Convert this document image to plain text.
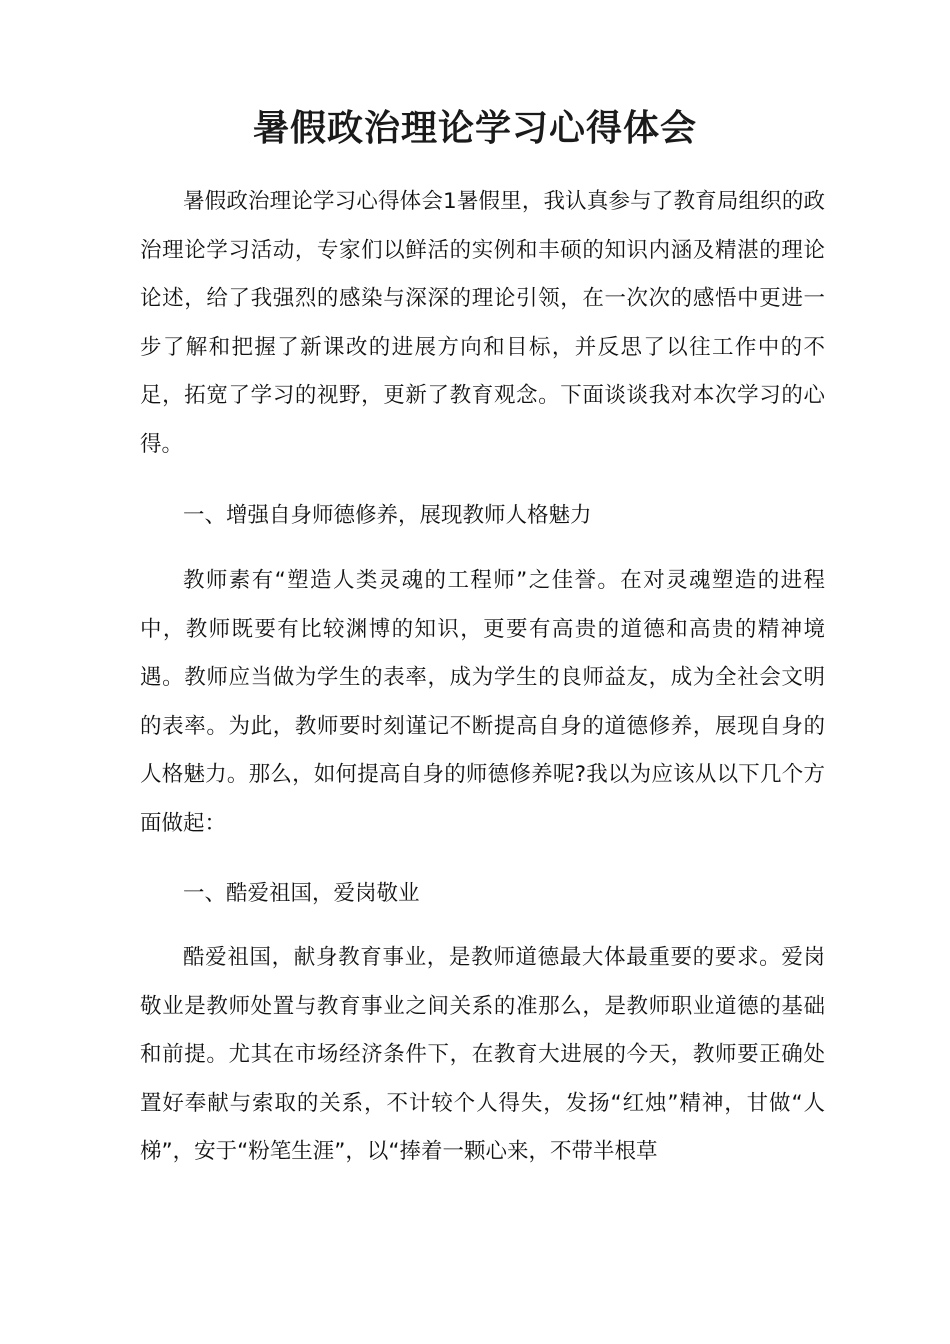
暑假政治理论学习心得体会

暑假政治理论学习心得体会1暑假里，我认真参与了教育局组织的政治理论学习活动，专家们以鲜活的实例和丰硕的知识内涵及精湛的理论论述，给了我强烈的感染与深深的理论引领，在一次次的感悟中更进一步了解和把握了新课改的进展方向和目标，并反思了以往工作中的不足，拓宽了学习的视野，更新了教育观念。下面谈谈我对本次学习的心得。

一、增强自身师德修养，展现教师人格魅力

教师素有“塑造人类灵魂的工程师”之佳誉。在对灵魂塑造的进程中，教师既要有比较渊博的知识，更要有高贵的道德和高贵的精神境遇。教师应当做为学生的表率，成为学生的良师益友，成为全社会文明的表率。为此，教师要时刻谨记不断提高自身的道德修养，展现自身的人格魅力。那么，如何提高自身的师德修养呢?我以为应该从以下几个方面做起：

一、酷爱祖国，爱岗敬业

酷爱祖国，献身教育事业，是教师道德最大体最重要的要求。爱岗敬业是教师处置与教育事业之间关系的准那么，是教师职业道德的基础和前提。尤其在市场经济条件下，在教育大进展的今天，教师要正确处置好奉献与索取的关系，不计较个人得失，发扬“红烛”精神，甘做“人梯”，安于“粉笔生涯”，以“捧着一颗心来，不带半根草
